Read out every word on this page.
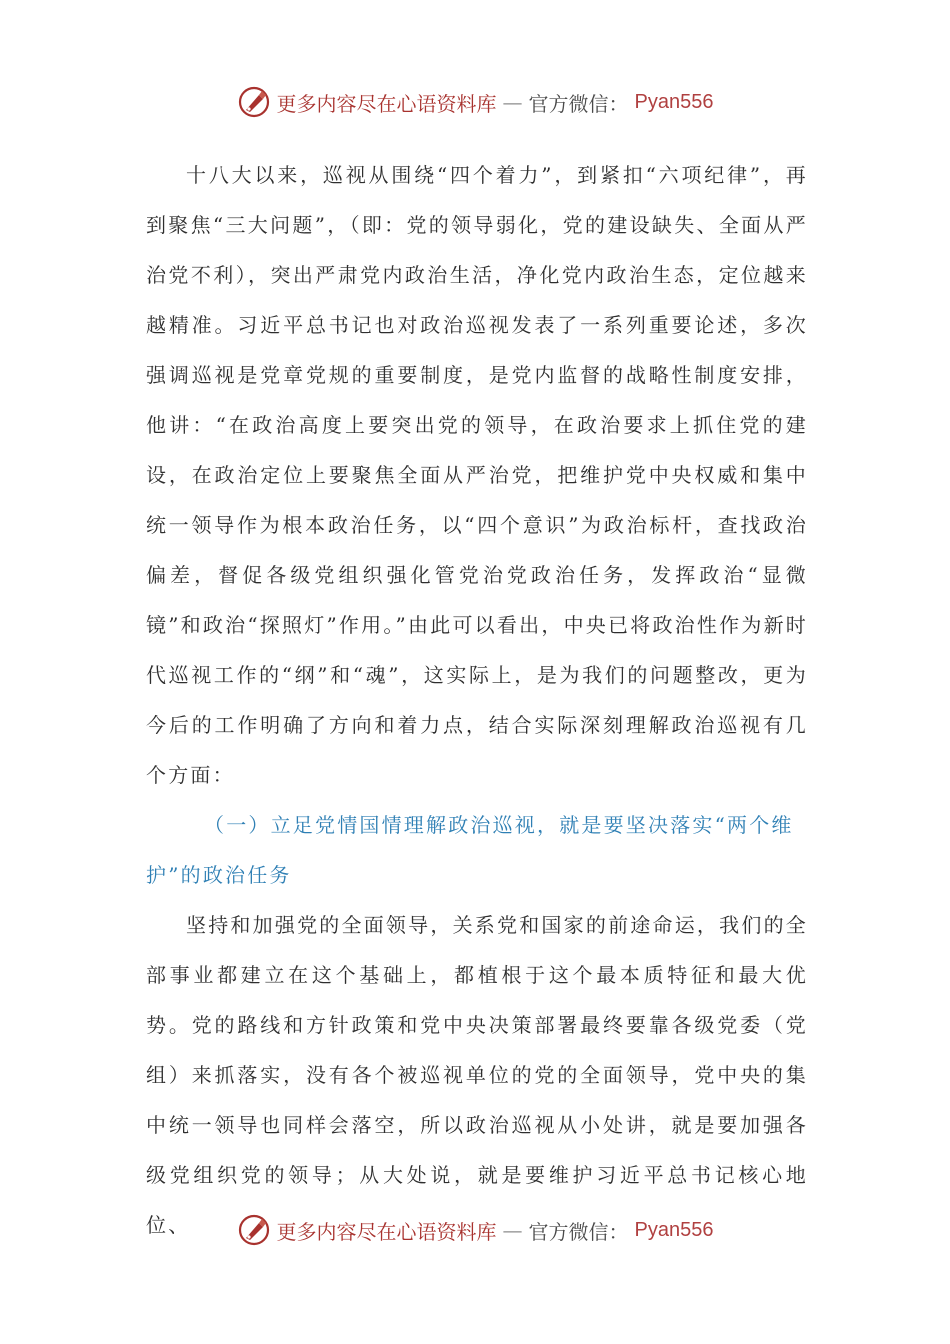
更多内容尽在心语资料库 — 官方微信： Pyan556

十八大以来，巡视从围绕“四个着力”，到紧扣“六项纪律”，再到聚焦“三大问题”，（即：党的领导弱化，党的建设缺失、全面从严治党不利），突出严肃党内政治生活，净化党内政治生态，定位越来越精准。习近平总书记也对政治巡视发表了一系列重要论述，多次强调巡视是党章党规的重要制度，是党内监督的战略性制度安排，他讲：“在政治高度上要突出党的领导，在政治要求上抓住党的建设，在政治定位上要聚焦全面从严治党，把维护党中央权威和集中统一领导作为根本政治任务，以“四个意识”为政治标杆，查找政治偏差，督促各级党组织强化管党治党政治任务，发挥政治“显微镜”和政治“探照灯”作用。”由此可以看出，中央已将政治性作为新时代巡视工作的“纲”和“魂”，这实际上，是为我们的问题整改，更为今后的工作明确了方向和着力点，结合实际深刻理解政治巡视有几个方面：

（一）立足党情国情理解政治巡视，就是要坚决落实“两个维护”的政治任务

坚持和加强党的全面领导，关系党和国家的前途命运，我们的全部事业都建立在这个基础上，都植根于这个最本质特征和最大优势。党的路线和方针政策和党中央决策部署最终要靠各级党委（党组）来抓落实，没有各个被巡视单位的党的全面领导，党中央的集中统一领导也同样会落空，所以政治巡视从小处讲，就是要加强各级党组织党的领导；从大处说，就是要维护习近平总书记核心地位、	更多内容尽在心语资料库 — 官方微信： Pyan556
